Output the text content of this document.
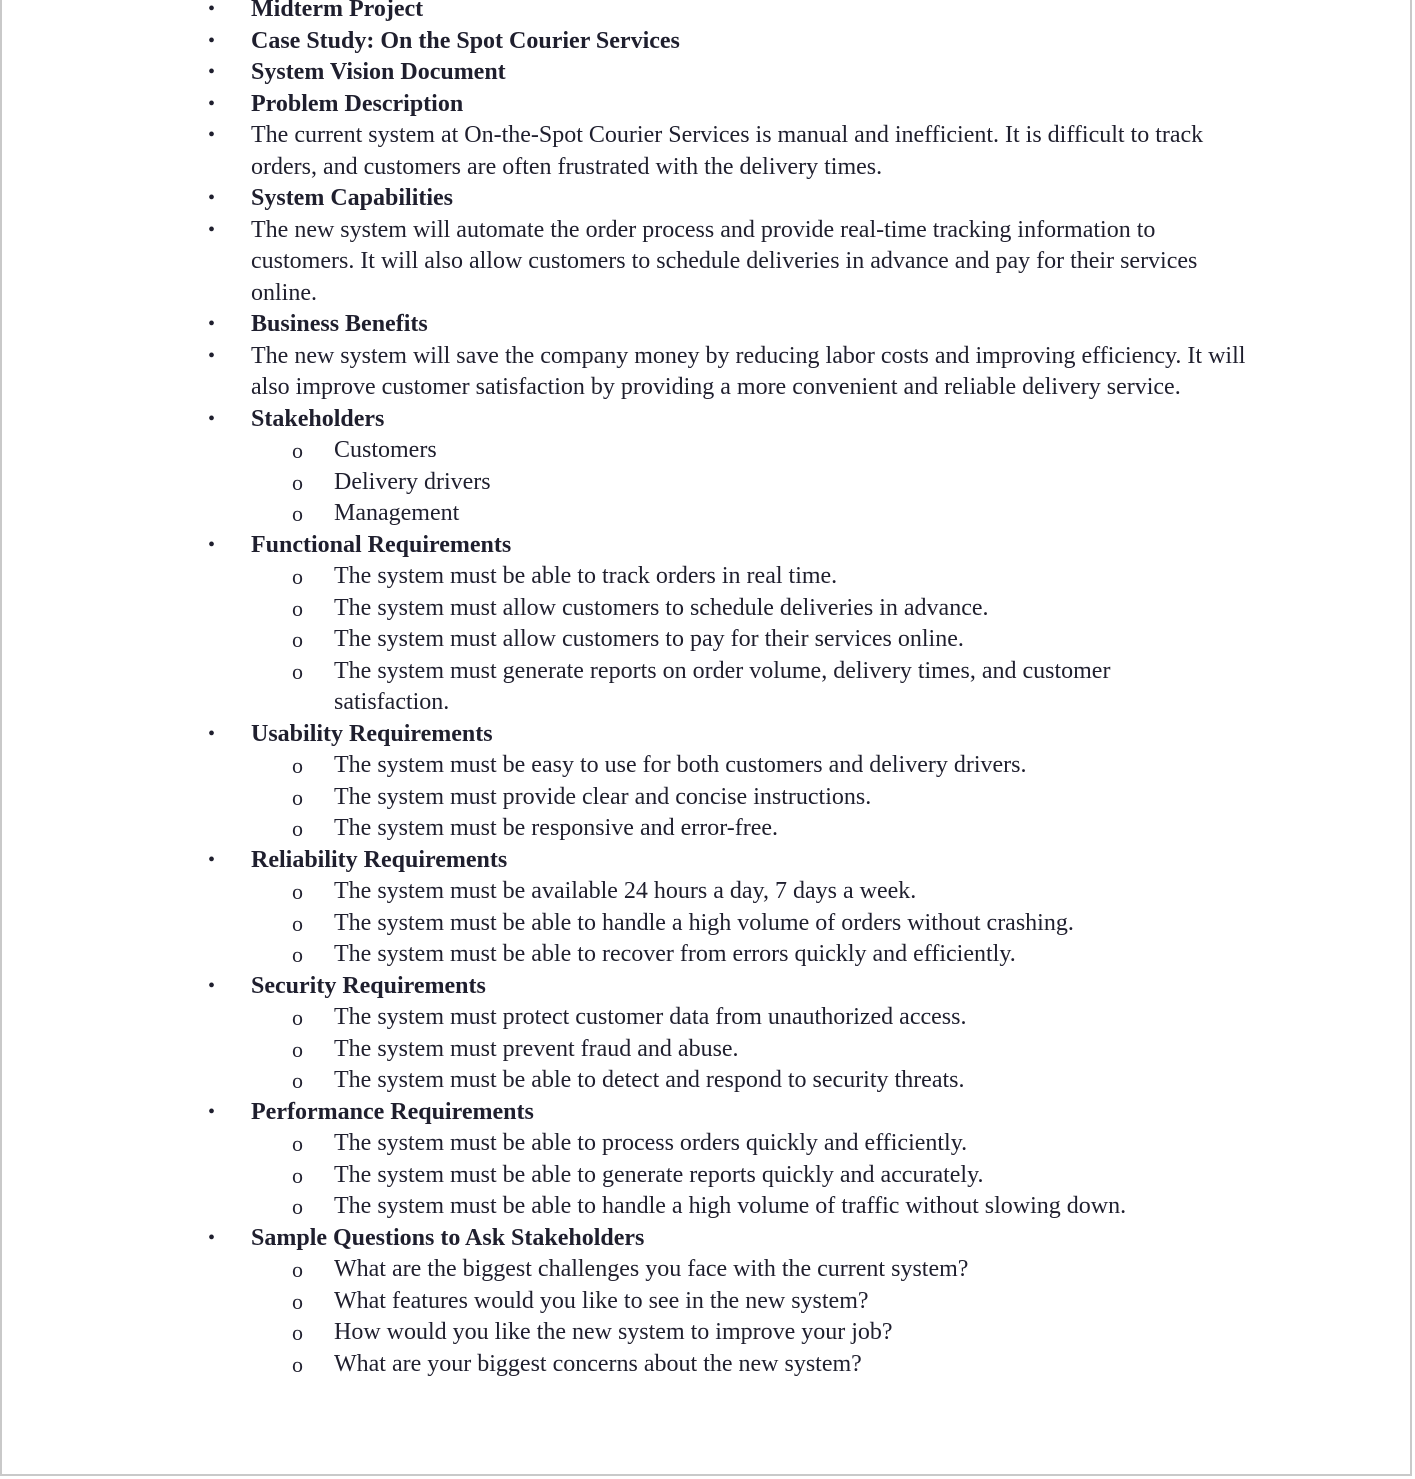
• Midterm Project
• Case Study: On the Spot Courier Services
• System Vision Document
• Problem Description
• The current system at On-the-Spot Courier Services is manual and inefficient. It is difficult to track orders, and customers are often frustrated with the delivery times.
• System Capabilities
• The new system will automate the order process and provide real-time tracking information to customers. It will also allow customers to schedule deliveries in advance and pay for their services online.
• Business Benefits
• The new system will save the company money by reducing labor costs and improving efficiency. It will also improve customer satisfaction by providing a more convenient and reliable delivery service.
• Stakeholders
o Customers
o Delivery drivers
o Management
• Functional Requirements
o The system must be able to track orders in real time.
o The system must allow customers to schedule deliveries in advance.
o The system must allow customers to pay for their services online.
o The system must generate reports on order volume, delivery times, and customer satisfaction.
• Usability Requirements
o The system must be easy to use for both customers and delivery drivers.
o The system must provide clear and concise instructions.
o The system must be responsive and error-free.
• Reliability Requirements
o The system must be available 24 hours a day, 7 days a week.
o The system must be able to handle a high volume of orders without crashing.
o The system must be able to recover from errors quickly and efficiently.
• Security Requirements
o The system must protect customer data from unauthorized access.
o The system must prevent fraud and abuse.
o The system must be able to detect and respond to security threats.
• Performance Requirements
o The system must be able to process orders quickly and efficiently.
o The system must be able to generate reports quickly and accurately.
o The system must be able to handle a high volume of traffic without slowing down.
• Sample Questions to Ask Stakeholders
o What are the biggest challenges you face with the current system?
o What features would you like to see in the new system?
o How would you like the new system to improve your job?
o What are your biggest concerns about the new system?
